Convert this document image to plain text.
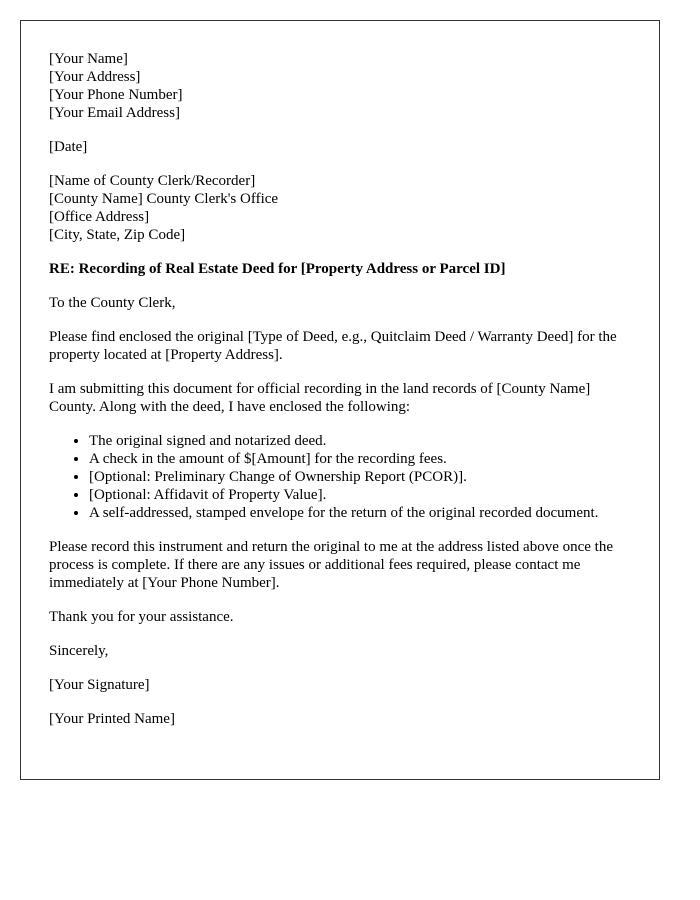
[Your Name]
[Your Address]
[Your Phone Number]
[Your Email Address]

[Date]

[Name of County Clerk/Recorder]
[County Name] County Clerk's Office
[Office Address]
[City, State, Zip Code]

RE: Recording of Real Estate Deed for [Property Address or Parcel ID]

To the County Clerk,

Please find enclosed the original [Type of Deed, e.g., Quitclaim Deed / Warranty Deed] for the property located at [Property Address].

I am submitting this document for official recording in the land records of [County Name] County. Along with the deed, I have enclosed the following:

• The original signed and notarized deed.
• A check in the amount of $[Amount] for the recording fees.
• [Optional: Preliminary Change of Ownership Report (PCOR)].
• [Optional: Affidavit of Property Value].
• A self-addressed, stamped envelope for the return of the original recorded document.

Please record this instrument and return the original to me at the address listed above once the process is complete. If there are any issues or additional fees required, please contact me immediately at [Your Phone Number].

Thank you for your assistance.

Sincerely,

[Your Signature]

[Your Printed Name]
